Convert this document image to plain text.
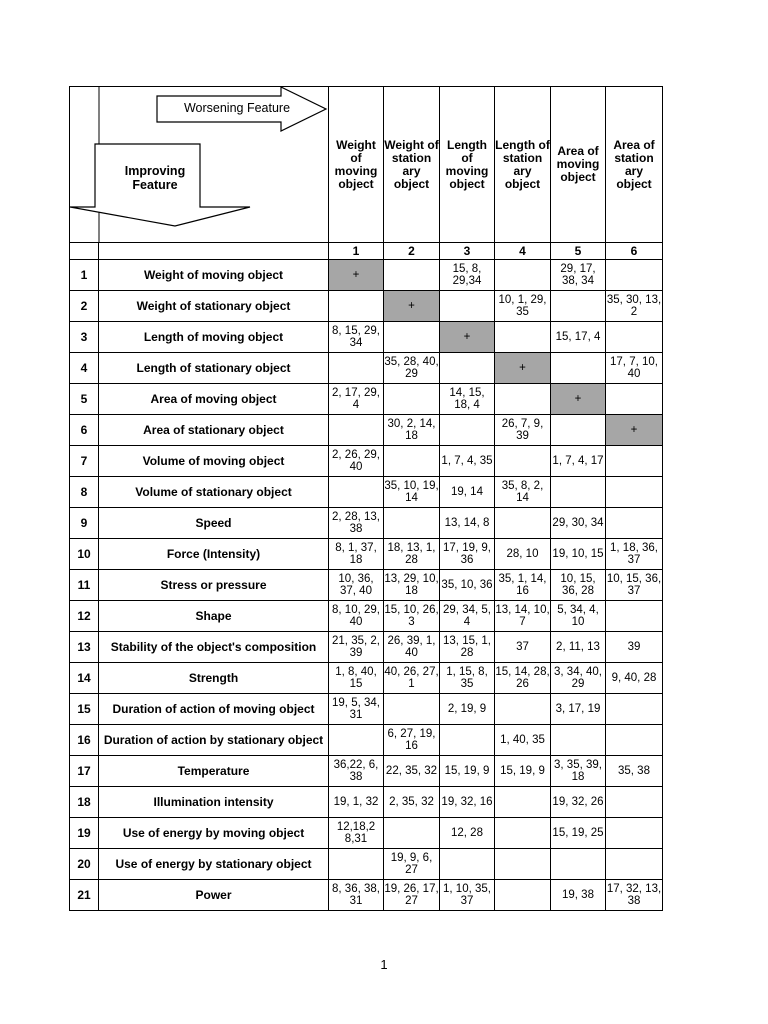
Worsening Feature
Improving Feature		Weight of moving object	Weight of station ary object	Length of moving object	Length of station ary object	Area of moving object	Area of station ary object
		1	2	3	4	5	6
1	Weight of moving object	+		15, 8, 29,34		29, 17, 38, 34	
2	Weight of stationary object		+		10, 1, 29, 35		35, 30, 13, 2
3	Length of moving object	8, 15, 29, 34		+		15, 17, 4	
4	Length of stationary object		35, 28, 40, 29		+		17, 7, 10, 40
5	Area of moving object	2, 17, 29, 4		14, 15, 18, 4		+	
6	Area of stationary object		30, 2, 14, 18		26, 7, 9, 39		+
7	Volume of moving object	2, 26, 29, 40		1, 7, 4, 35		1, 7, 4, 17	
8	Volume of stationary object		35, 10, 19, 14	19, 14	35, 8, 2, 14		
9	Speed	2, 28, 13, 38		13, 14, 8		29, 30, 34	
10	Force (Intensity)	8, 1, 37, 18	18, 13, 1, 28	17, 19, 9, 36	28, 10	19, 10, 15	1, 18, 36, 37
11	Stress or pressure	10, 36, 37, 40	13, 29, 10, 18	35, 10, 36	35, 1, 14, 16	10, 15, 36, 28	10, 15, 36, 37
12	Shape	8, 10, 29, 40	15, 10, 26, 3	29, 34, 5, 4	13, 14, 10, 7	5, 34, 4, 10	
13	Stability of the object's composition	21, 35, 2, 39	26, 39, 1, 40	13, 15, 1, 28	37	2, 11, 13	39
14	Strength	1, 8, 40, 15	40, 26, 27, 1	1, 15, 8, 35	15, 14, 28, 26	3, 34, 40, 29	9, 40, 28
15	Duration of action of moving object	19, 5, 34, 31		2, 19, 9		3, 17, 19	
16	Duration of action by stationary object		6, 27, 19, 16		1, 40, 35		
17	Temperature	36,22, 6, 38	22, 35, 32	15, 19, 9	15, 19, 9	3, 35, 39, 18	35, 38
18	Illumination intensity	19, 1, 32	2, 35, 32	19, 32, 16		19, 32, 26	
19	Use of energy by moving object	12,18,2 8,31		12, 28		15, 19, 25	
20	Use of energy by stationary object		19, 9, 6, 27				
21	Power	8, 36, 38, 31	19, 26, 17, 27	1, 10, 35, 37		19, 38	17, 32, 13, 38
1
